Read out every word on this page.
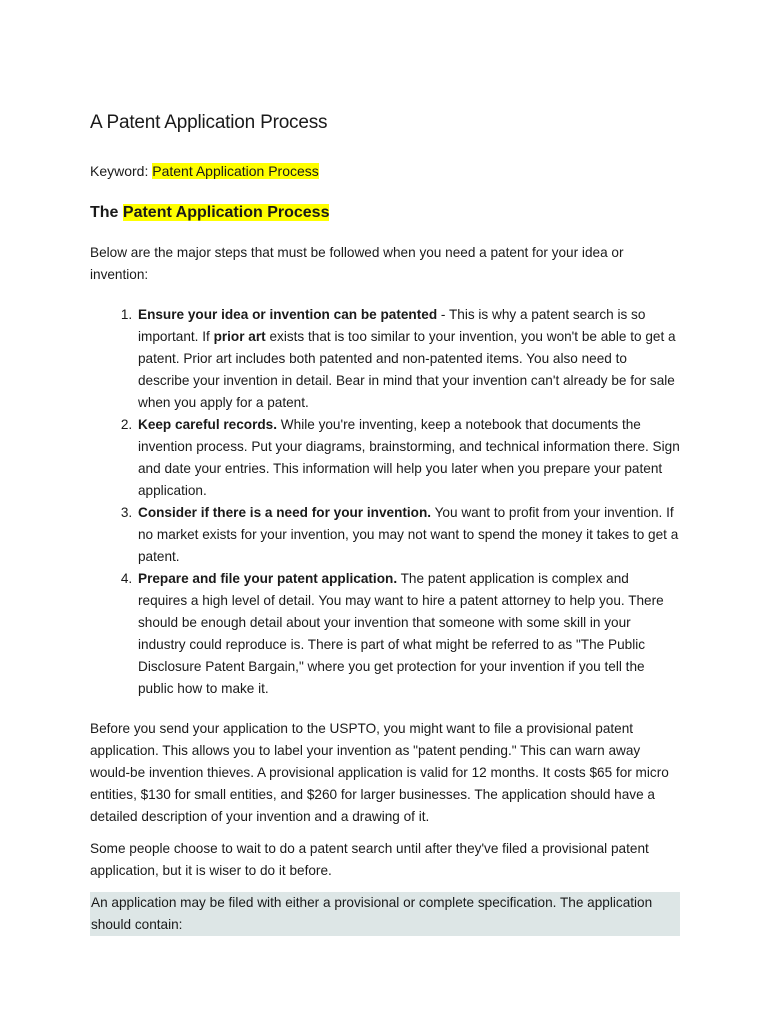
A Patent Application Process

Keyword: Patent Application Process

The Patent Application Process

Below are the major steps that must be followed when you need a patent for your idea or invention:

1. Ensure your idea or invention can be patented - This is why a patent search is so important. If prior art exists that is too similar to your invention, you won't be able to get a patent. Prior art includes both patented and non-patented items. You also need to describe your invention in detail. Bear in mind that your invention can't already be for sale when you apply for a patent.
2. Keep careful records. While you're inventing, keep a notebook that documents the invention process. Put your diagrams, brainstorming, and technical information there. Sign and date your entries. This information will help you later when you prepare your patent application.
3. Consider if there is a need for your invention. You want to profit from your invention. If no market exists for your invention, you may not want to spend the money it takes to get a patent.
4. Prepare and file your patent application. The patent application is complex and requires a high level of detail. You may want to hire a patent attorney to help you. There should be enough detail about your invention that someone with some skill in your industry could reproduce is. There is part of what might be referred to as "The Public Disclosure Patent Bargain," where you get protection for your invention if you tell the public how to make it.

Before you send your application to the USPTO, you might want to file a provisional patent application. This allows you to label your invention as "patent pending." This can warn away would-be invention thieves. A provisional application is valid for 12 months. It costs $65 for micro entities, $130 for small entities, and $260 for larger businesses. The application should have a detailed description of your invention and a drawing of it.

Some people choose to wait to do a patent search until after they've filed a provisional patent application, but it is wiser to do it before.

An application may be filed with either a provisional or complete specification. The application should contain:
